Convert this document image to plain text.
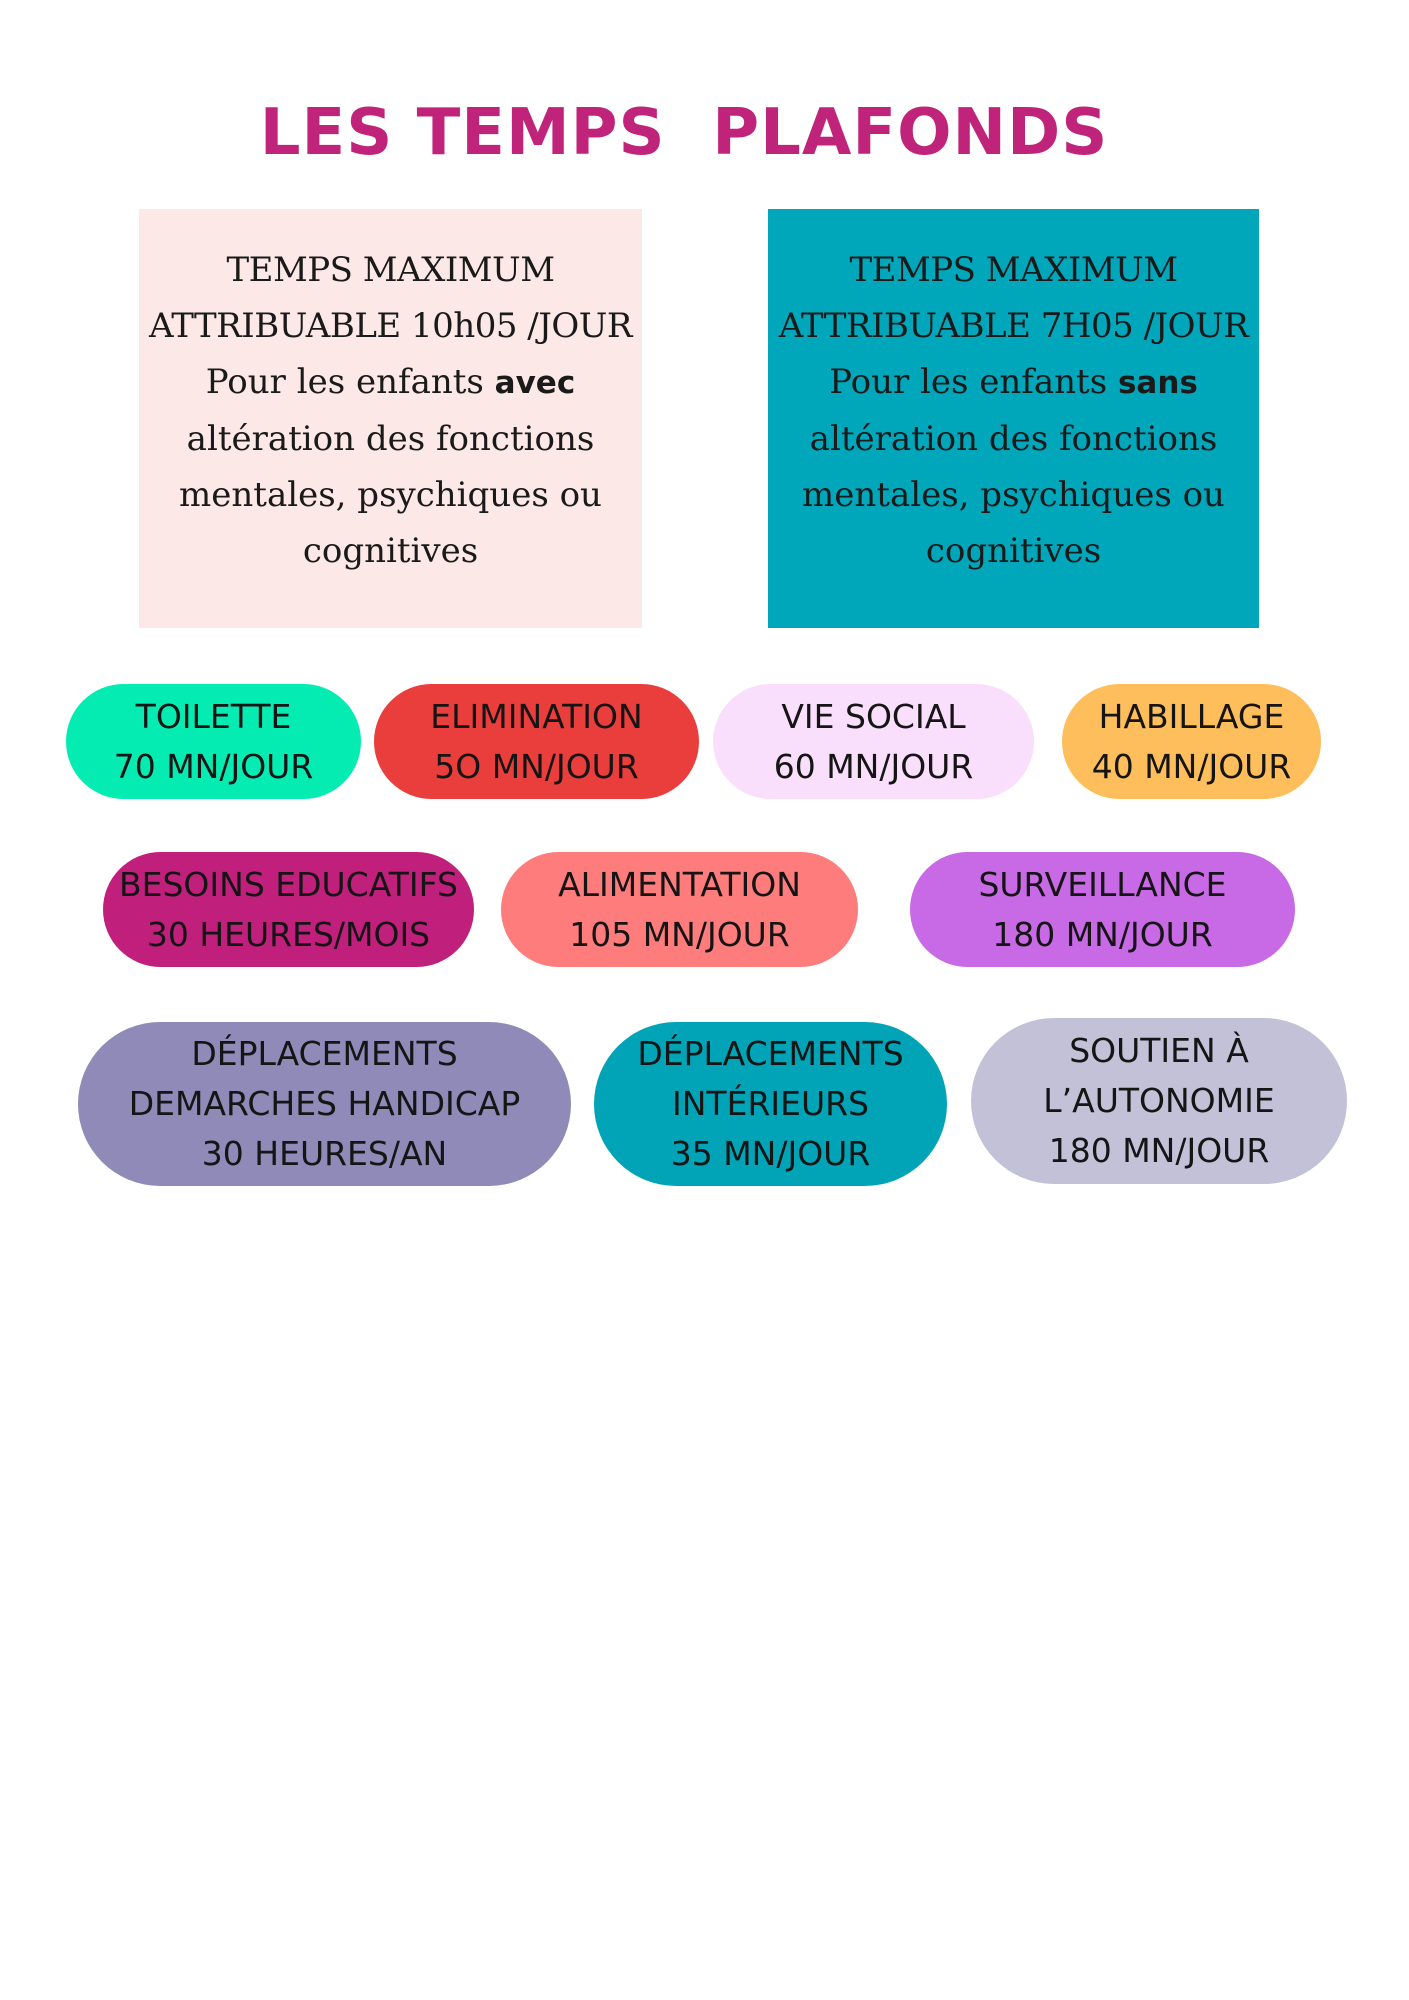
LES TEMPS  PLAFONDS
TEMPS MAXIMUM
ATTRIBUABLE 10h05 /JOUR
Pour les enfants avec
altération des fonctions
mentales, psychiques ou
cognitives
TEMPS MAXIMUM
ATTRIBUABLE 7H05 /JOUR
Pour les enfants sans
altération des fonctions
mentales, psychiques ou
cognitives
TOILETTE
70 MN/JOUR
ELIMINATION
5O MN/JOUR
VIE SOCIAL
60 MN/JOUR
HABILLAGE
40 MN/JOUR
BESOINS EDUCATIFS
30 HEURES/MOIS
ALIMENTATION
105 MN/JOUR
SURVEILLANCE
180 MN/JOUR
DÉPLACEMENTS
DEMARCHES HANDICAP
30 HEURES/AN
DÉPLACEMENTS
INTÉRIEURS
35 MN/JOUR
SOUTIEN À
L’AUTONOMIE
180 MN/JOUR
